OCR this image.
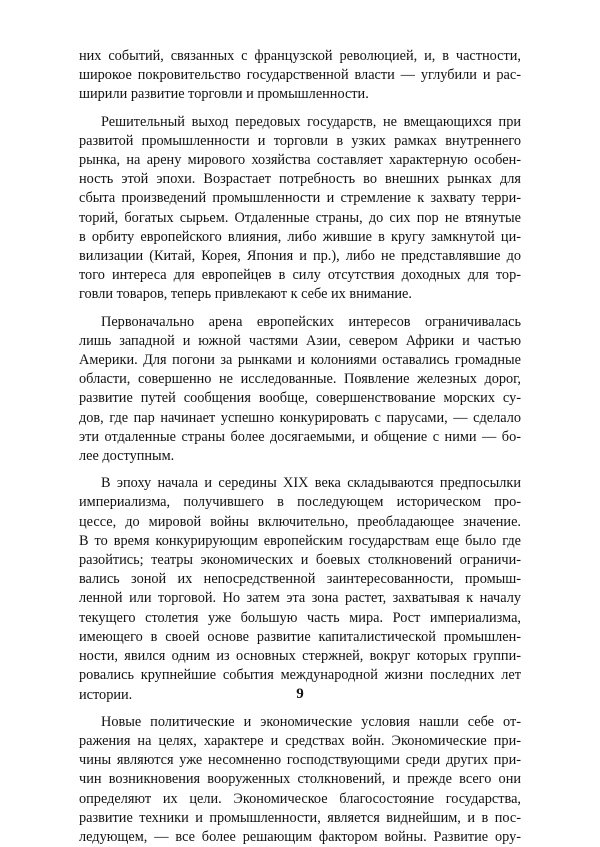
них событий, связанных с французской революцией, и, в частности,
широкое покровительство государственной власти — углубили и рас-
ширили развитие торговли и промышленности.

Решительный выход передовых государств, не вмещающихся при
развитой промышленности и торговли в узких рамках внутреннего
рынка, на арену мирового хозяйства составляет характерную особен-
ность этой эпохи. Возрастает потребность во внешних рынках для
сбыта произведений промышленности и стремление к захвату терри-
торий, богатых сырьем. Отдаленные страны, до сих пор не втянутые
в орбиту европейского влияния, либо жившие в кругу замкнутой ци-
вилизации (Китай, Корея, Япония и пр.), либо не представлявшие до
того интереса для европейцев в силу отсутствия доходных для тор-
говли товаров, теперь привлекают к себе их внимание.

Первоначально арена европейских интересов ограничивалась
лишь западной и южной частями Азии, севером Африки и частью
Америки. Для погони за рынками и колониями оставались громадные
области, совершенно не исследованные. Появление железных дорог,
развитие путей сообщения вообще, совершенствование морских су-
дов, где пар начинает успешно конкурировать с парусами, — сделало
эти отдаленные страны более досягаемыми, и общение с ними — бо-
лее доступным.

В эпоху начала и середины XIX века складываются предпосылки
империализма, получившего в последующем историческом про-
цессе, до мировой войны включительно, преобладающее значение.
В то время конкурирующим европейским государствам еще было где
разойтись; театры экономических и боевых столкновений ограничи-
вались зоной их непосредственной заинтересованности, промыш-
ленной или торговой. Но затем эта зона растет, захватывая к началу
текущего столетия уже большую часть мира. Рост империализма,
имеющего в своей основе развитие капиталистической промышлен-
ности, явился одним из основных стержней, вокруг которых группи-
ровались крупнейшие события международной жизни последних лет
истории.

Новые политические и экономические условия нашли себе от-
ражения на целях, характере и средствах войн. Экономические при-
чины являются уже несомненно господствующими среди других при-
чин возникновения вооруженных столкновений, и прежде всего они
определяют их цели. Экономическое благосостояние государства,
развитие техники и промышленности, является виднейшим, и в пос-
ледующем, — все более решающим фактором войны. Развитие ору-

9
